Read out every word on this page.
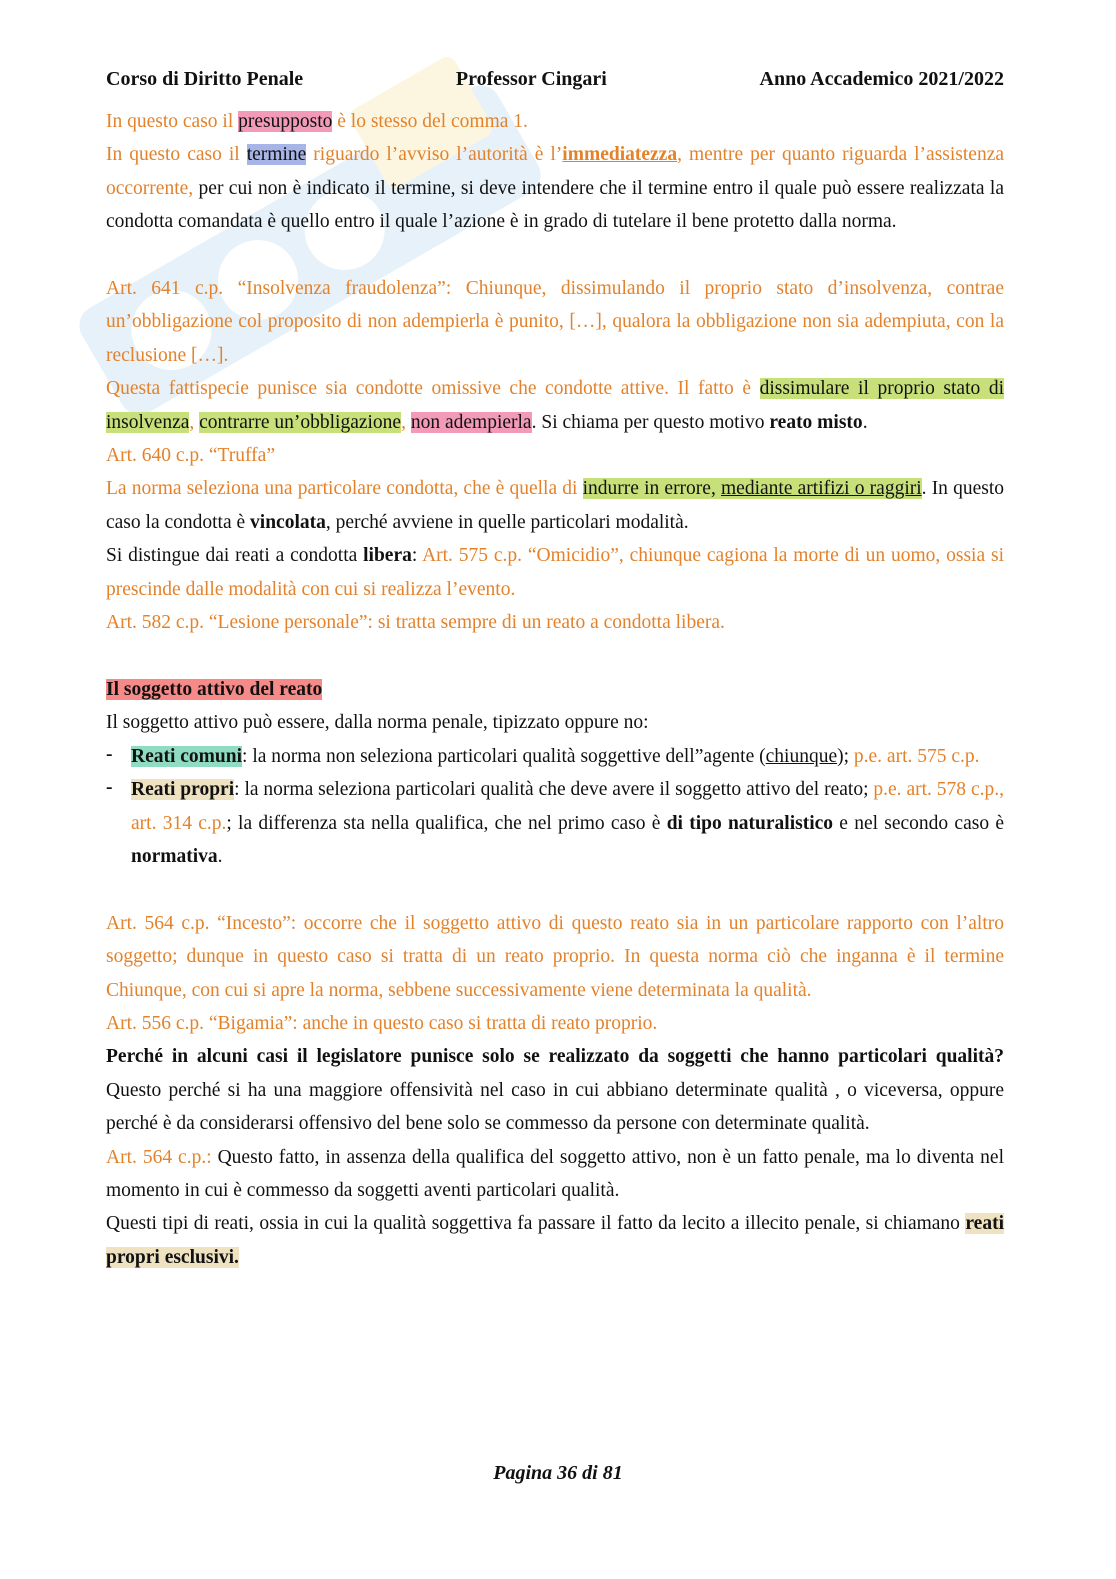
Corso di Diritto Penale	Professor Cingari	Anno Accademico 2021/2022

In questo caso il presupposto è lo stesso del comma 1.

In questo caso il termine riguardo l’avviso l’autorità è l’immediatezza, mentre per quanto riguarda l’assistenza occorrente, per cui non è indicato il termine, si deve intendere che il termine entro il quale può essere realizzata la condotta comandata è quello entro il quale l’azione è in grado di tutelare il bene protetto dalla norma.

Art. 641 c.p. “Insolvenza fraudolenza”: Chiunque, dissimulando il proprio stato d’insolvenza, contrae un’obbligazione col proposito di non adempierla è punito, […], qualora la obbligazione non sia adempiuta, con la reclusione […].

Questa fattispecie punisce sia condotte omissive che condotte attive. Il fatto è dissimulare il proprio stato di insolvenza, contrarre un’obbligazione, non adempierla. Si chiama per questo motivo reato misto.

Art. 640 c.p. “Truffa”

La norma seleziona una particolare condotta, che è quella di indurre in errore, mediante artifizi o raggiri. In questo caso la condotta è vincolata, perché avviene in quelle particolari modalità.

Si distingue dai reati a condotta libera: Art. 575 c.p. “Omicidio”, chiunque cagiona la morte di un uomo, ossia si prescinde dalle modalità con cui si realizza l’evento.

Art. 582 c.p. “Lesione personale”: si tratta sempre di un reato a condotta libera.

Il soggetto attivo del reato

Il soggetto attivo può essere, dalla norma penale, tipizzato oppure no:

- Reati comuni: la norma non seleziona particolari qualità soggettive dell”agente (chiunque); p.e. art. 575 c.p.
- Reati propri: la norma seleziona particolari qualità che deve avere il soggetto attivo del reato; p.e. art. 578 c.p., art. 314 c.p.; la differenza sta nella qualifica, che nel primo caso è di tipo naturalistico e nel secondo caso è normativa.

Art. 564 c.p. “Incesto”: occorre che il soggetto attivo di questo reato sia in un particolare rapporto con l’altro soggetto; dunque in questo caso si tratta di un reato proprio. In questa norma ciò che inganna è il termine Chiunque, con cui si apre la norma, sebbene successivamente viene determinata la qualità.

Art. 556 c.p. “Bigamia”: anche in questo caso si tratta di reato proprio.

Perché in alcuni casi il legislatore punisce solo se realizzato da soggetti che hanno particolari qualità? Questo perché si ha una maggiore offensività nel caso in cui abbiano determinate qualità , o viceversa, oppure perché è da considerarsi offensivo del bene solo se commesso da persone con determinate qualità.

Art. 564 c.p.: Questo fatto, in assenza della qualifica del soggetto attivo, non è un fatto penale, ma lo diventa nel momento in cui è commesso da soggetti aventi particolari qualità.

Questi tipi di reati, ossia in cui la qualità soggettiva fa passare il fatto da lecito a illecito penale, si chiamano reati propri esclusivi.

Pagina 36 di 81
